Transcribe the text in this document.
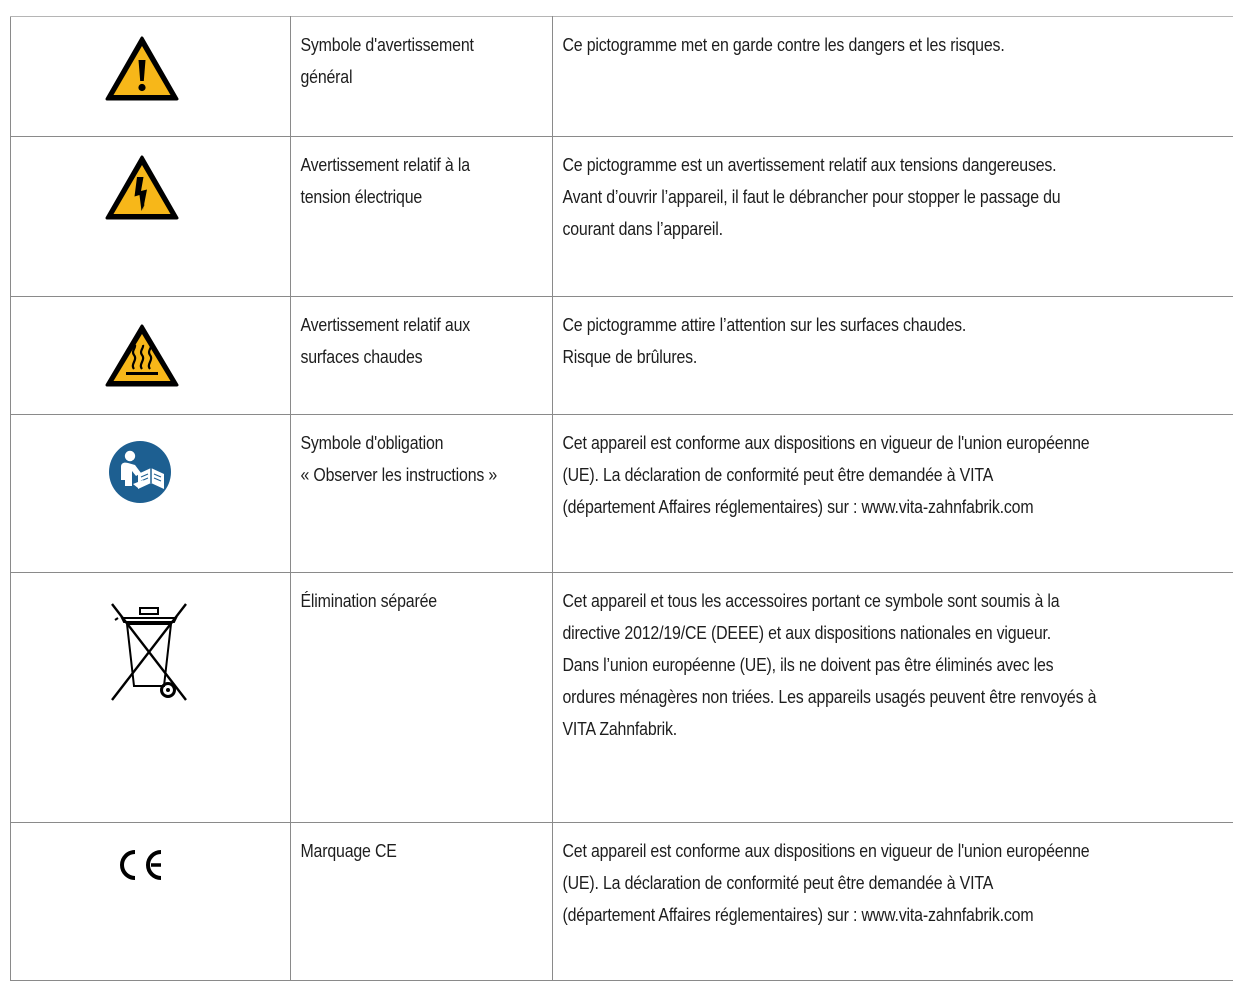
Symbole d'avertissement
général	Ce pictogramme met en garde contre les dangers et les risques.

Avertissement relatif à la
tension électrique	Ce pictogramme est un avertissement relatif aux tensions dangereuses.
Avant d’ouvrir l’appareil, il faut le débrancher pour stopper le passage du
courant dans l’appareil.

Avertissement relatif aux
surfaces chaudes	Ce pictogramme attire l’attention sur les surfaces chaudes.
Risque de brûlures.

Symbole d'obligation
« Observer les instructions »	Cet appareil est conforme aux dispositions en vigueur de l'union européenne
(UE). La déclaration de conformité peut être demandée à VITA
(département Affaires réglementaires) sur : www.vita-zahnfabrik.com

Élimination séparée	Cet appareil et tous les accessoires portant ce symbole sont soumis à la
directive 2012/19/CE (DEEE) et aux dispositions nationales en vigueur.
Dans l’union européenne (UE), ils ne doivent pas être éliminés avec les
ordures ménagères non triées. Les appareils usagés peuvent être renvoyés à
VITA Zahnfabrik.

Marquage CE	Cet appareil est conforme aux dispositions en vigueur de l'union européenne
(UE). La déclaration de conformité peut être demandée à VITA
(département Affaires réglementaires) sur : www.vita-zahnfabrik.com
